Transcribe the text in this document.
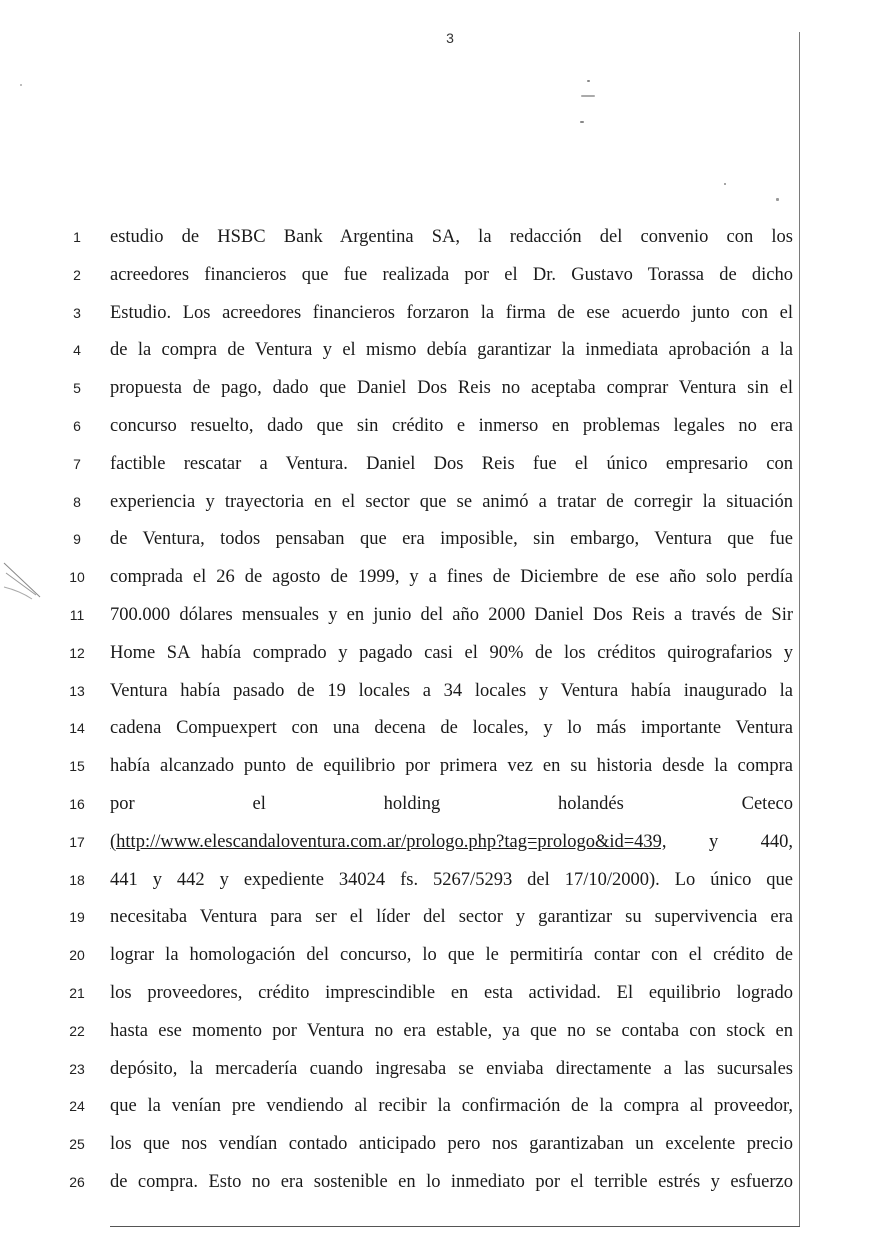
3
1	estudio de HSBC Bank Argentina SA, la redacción del convenio con los
2	acreedores financieros que fue realizada por el Dr. Gustavo Torassa de dicho
3	Estudio. Los acreedores financieros forzaron la firma de ese acuerdo junto con el
4	de la compra de Ventura y el mismo debía garantizar la inmediata aprobación a la
5	propuesta de pago, dado que Daniel Dos Reis no aceptaba comprar Ventura sin el
6	concurso resuelto, dado que sin crédito e inmerso en problemas legales no era
7	factible rescatar a Ventura. Daniel Dos Reis fue el único empresario con
8	experiencia y trayectoria en el sector que se animó a tratar de corregir la situación
9	de Ventura, todos pensaban que era imposible, sin embargo, Ventura que fue
10	comprada el 26 de agosto de 1999, y a fines de Diciembre de ese año solo perdía
11	700.000 dólares mensuales y en junio del año 2000 Daniel Dos Reis a través de Sir
12	Home SA había comprado y pagado casi el 90% de los créditos quirografarios y
13	Ventura había pasado de 19 locales a 34 locales y Ventura había inaugurado la
14	cadena Compuexpert con una decena de locales, y lo más importante Ventura
15	había alcanzado punto de equilibrio por primera vez en su historia desde la compra
16	por el holding holandés Ceteco
17	(http://www.elescandaloventura.com.ar/prologo.php?tag=prologo&id=439, y 440,
18	441 y 442 y expediente 34024 fs. 5267/5293 del 17/10/2000). Lo único que
19	necesitaba Ventura para ser el líder del sector y garantizar su supervivencia era
20	lograr la homologación del concurso, lo que le permitiría contar con el crédito de
21	los proveedores, crédito imprescindible en esta actividad. El equilibrio logrado
22	hasta ese momento por Ventura no era estable, ya que no se contaba con stock en
23	depósito, la mercadería cuando ingresaba se enviaba directamente a las sucursales
24	que la venían pre vendiendo al recibir la confirmación de la compra al proveedor,
25	los que nos vendían contado anticipado pero nos garantizaban un excelente precio
26	de compra. Esto no era sostenible en lo inmediato por el terrible estrés y esfuerzo
